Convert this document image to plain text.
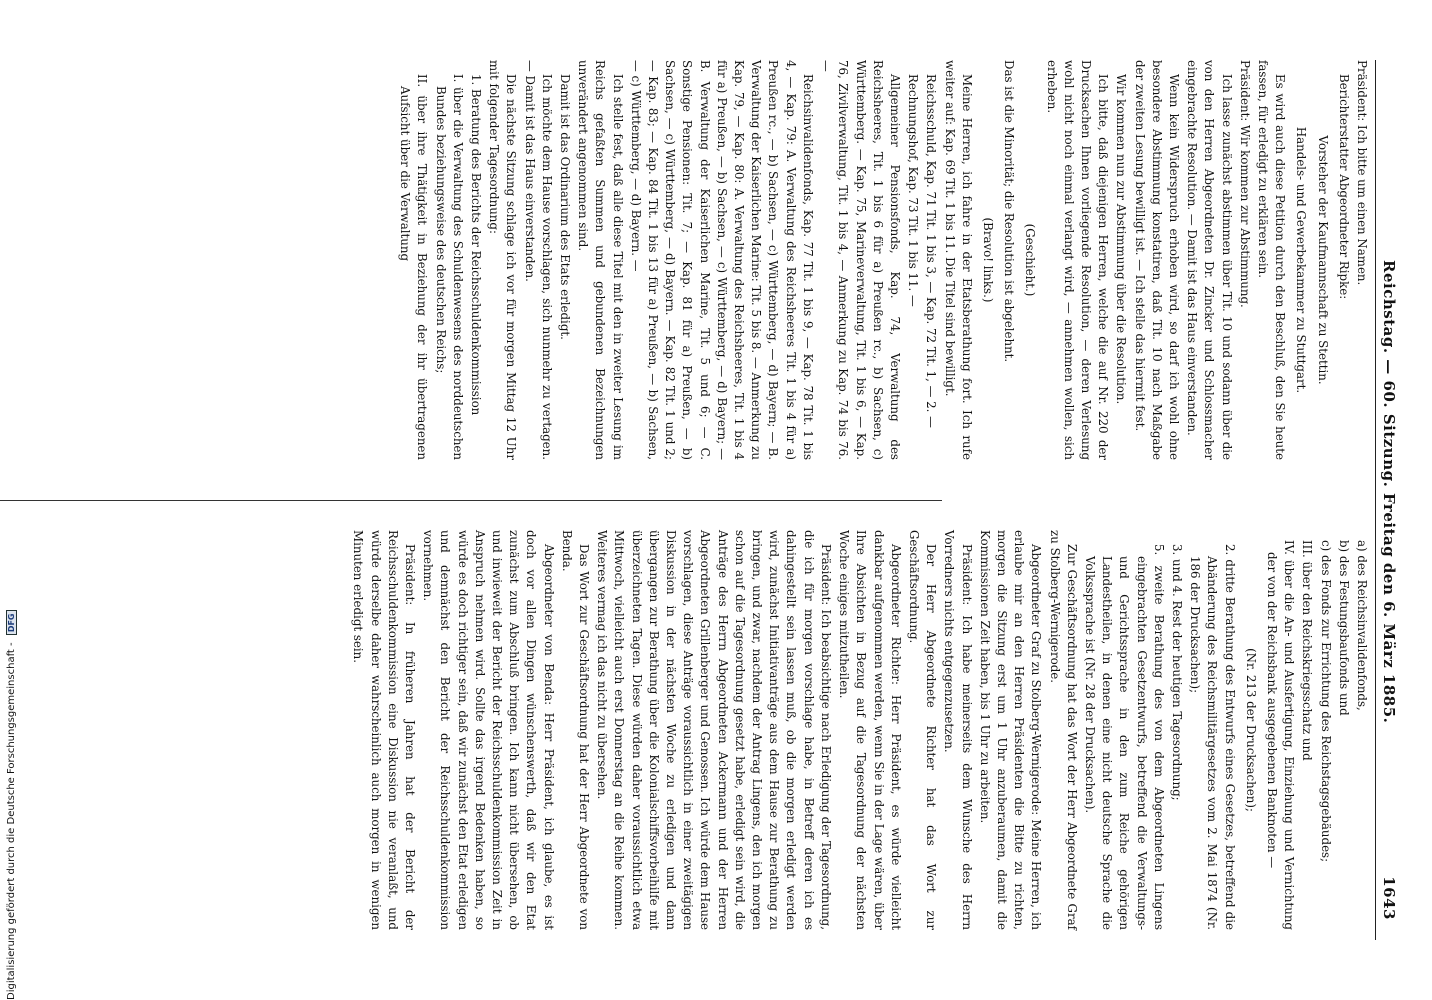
Reichstag. — 60. Sitzung. Freitag den 6. März 1885.
1643

Präsident: Ich bitte um einen Namen.

Berichterstatter Abgeordneter Ripke:

Vorsteher der Kaufmannschaft zu Stettin.

Handels- und Gewerbekammer zu Stuttgart.

Es wird auch diese Petition durch den Beschluß, den Sie heute fassen, für erledigt zu erklären sein.

Präsident: Wir kommen zur Abstimmung.

Ich lasse zunächst abstimmen über Tit. 10 und sodann über die von den Herren Abgeordneten Dr. Zincker und Schlossmacher eingebrachte Resolution. — Damit ist das Haus einverstanden.

Wenn kein Widerspruch erhoben wird, so darf ich wohl ohne besondere Abstimmung konstatiren, daß Tit. 10 nach Maßgabe der zweiten Lesung bewilligt ist. — Ich stelle das hiermit fest.

Wir kommen nun zur Abstimmung über die Resolution.

Ich bitte, daß diejenigen Herren, welche die auf Nr. 220 der Drucksachen Ihnen vorliegende Resolution, — deren Verlesung wohl nicht noch einmal verlangt wird, — annehmen wollen, sich erheben.

(Geschieht.)

Das ist die Minorität; die Resolution ist abgelehnt.

(Bravo! links.)

Meine Herren, ich fahre in der Etatsberathung fort. Ich rufe weiter auf: Kap. 69 Tit. 1 bis 11. Die Titel sind bewilligt.

Reichsschuld, Kap. 71 Tit. 1 bis 3, — Kap. 72 Tit. 1, — 2. —

Rechnungshof, Kap. 73 Tit. 1 bis 11. —

Allgemeiner Pensionsfonds, Kap. 74, Verwaltung des Reichsheeres, Tit. 1 bis 6 für a) Preußen rc., b) Sachsen, c) Württemberg. — Kap. 75, Marineverwaltung, Tit. 1 bis 6, — Kap. 76, Zivilverwaltung, Tit. 1 bis 4, — Anmerkung zu Kap. 74 bis 76. —

Reichsinvalidenfonds, Kap. 77 Tit. 1 bis 9, — Kap. 78 Tit. 1 bis 4, — Kap. 79: A. Verwaltung des Reichsheeres Tit. 1 bis 4 für a) Preußen rc., — b) Sachsen, — c) Württemberg, — d) Bayern; — B. Verwaltung der Kaiserlichen Marine: Tit. 5 bis 8. — Anmerkung zu Kap. 79, — Kap. 80: A. Verwaltung des Reichsheeres, Tit. 1 bis 4 für a) Preußen, — b) Sachsen, — c) Württemberg, — d) Bayern; — B. Verwaltung der Kaiserlichen Marine, Tit. 5 und 6; — C. Sonstige Pensionen: Tit. 7; — Kap. 81 für a) Preußen, — b) Sachsen, — c) Württemberg, — d) Bayern. — Kap. 82 Tit. 1 und 2; — Kap. 83; — Kap. 84 Tit. 1 bis 13 für a) Preußen, — b) Sachsen, — c) Württemberg, — d) Bayern. —

Ich stelle fest, daß alle diese Titel mit den in zweiter Lesung im Reichs gefaßten Summen und gebundenen Bezeichnungen unverändert angenommen sind.

Damit ist das Ordinarium des Etats erledigt.

Ich möchte dem Hause vorschlagen, sich nunmehr zu vertagen. — Damit ist das Haus einverstanden.

Die nächste Sitzung schlage ich vor für morgen Mittag 12 Uhr mit folgender Tagesordnung:

1. Beratung des Berichts der Reichsschuldenkommission

I. über die Verwaltung des Schuldenwesens des norddeutschen Bundes beziehungsweise des deutschen Reichs;

II. über ihre Thätigkeit in Beziehung der ihr übertragenen Aufsicht über die Verwaltung

a) des Reichsinvalidenfonds,

b) des Festungsbaufonds und

c) des Fonds zur Errichtung des Reichstagsgebäudes;

III. über den Reichskriegsschatz und

IV. über die An- und Ausfertigung, Einziehung und Vernichtung der von der Reichsbank ausgegebenen Banknoten —

(Nr. 213 der Drucksachen);

2. dritte Berathung des Entwurfs eines Gesetzes, betreffend die Abänderung des Reichsmilitärgesetzes vom 2. Mai 1874 (Nr. 186 der Drucksachen);

3. und 4. Rest der heutigen Tagesordnung;

5. zweite Berathung des von dem Abgeordneten Lingens eingebrachten Gesetzentwurfs, betreffend die Verwaltungs- und Gerichtssprache in den zum Reiche gehörigen Landestheilen, in denen eine nicht deutsche Sprache die Volkssprache ist (Nr. 28 der Drucksachen).

Zur Geschäftsordnung hat das Wort der Herr Abgeordnete Graf zu Stolberg-Wernigerode.

Abgeordneter Graf zu Stolberg-Wernigerode: Meine Herren, ich erlaube mir an den Herren Präsidenten die Bitte zu richten, morgen die Sitzung erst um 1 Uhr anzuberaumen, damit die Kommissionen Zeit haben, bis 1 Uhr zu arbeiten.

Präsident: Ich habe meinerseits dem Wunsche des Herrn Vorredners nichts entgegenzusetzen.

Der Herr Abgeordnete Richter hat das Wort zur Geschäftsordnung.

Abgeordneter Richter: Herr Präsident, es würde vielleicht dankbar aufgenommen werden, wenn Sie in der Lage wären, über Ihre Absichten in Bezug auf die Tagesordnung der nächsten Woche einiges mitzutheilen.

Präsident: Ich beabsichtige nach Erledigung der Tagesordnung, die ich für morgen vorschlage habe, in Betreff deren ich es dahingestellt sein lassen muß, ob die morgen erledigt werden wird, zunächst Initiativanträge aus dem Hause zur Berathung zu bringen, und zwar, nachdem der Antrag Lingens, den ich morgen schon auf die Tagesordnung gesetzt habe, erledigt sein wird, die Anträge des Herrn Abgeordneten Ackermann und der Herren Abgeordneten Grillenberger und Genossen. Ich würde dem Hause vorschlagen, diese Anträge voraussichtlich in einer zweitägigen Diskussion in der nächsten Woche zu erledigen und dann übergangen zur Berathung über die Kolonialschiffsvorbeihilfe mit überzeichneten Tagen. Diese würden daher voraussichtlich etwa Mittwoch, vielleicht auch erst Donnerstag an die Reihe kommen. Weiteres vermag ich das nicht zu übersehen.

Das Wort zur Geschäftsordnung hat der Herr Abgeordnete von Benda.

Abgeordneter von Benda: Herr Präsident, ich glaube, es ist doch vor allen Dingen wünschenswerth, daß wir den Etat zunächst zum Abschluß bringen. Ich kann nicht übersehen, ob und inwieweit der Bericht der Reichsschuldenkommission Zeit in Anspruch nehmen wird. Sollte das irgend Bedenken haben, so würde es doch richtiger sein, daß wir zunächst den Etat erledigen und demnächst den Bericht der Reichsschuldenkommission vornehmen.

Präsident: In früheren Jahren hat der Bericht der Reichsschuldenkommission eine Diskussion nie veranlaßt, und würde derselbe daher wahrscheinlich auch morgen in wenigen Minuten erledigt sein.

Digitalisierung gefördert durch die Deutsche Forschungsgemeinschaft - DFG
